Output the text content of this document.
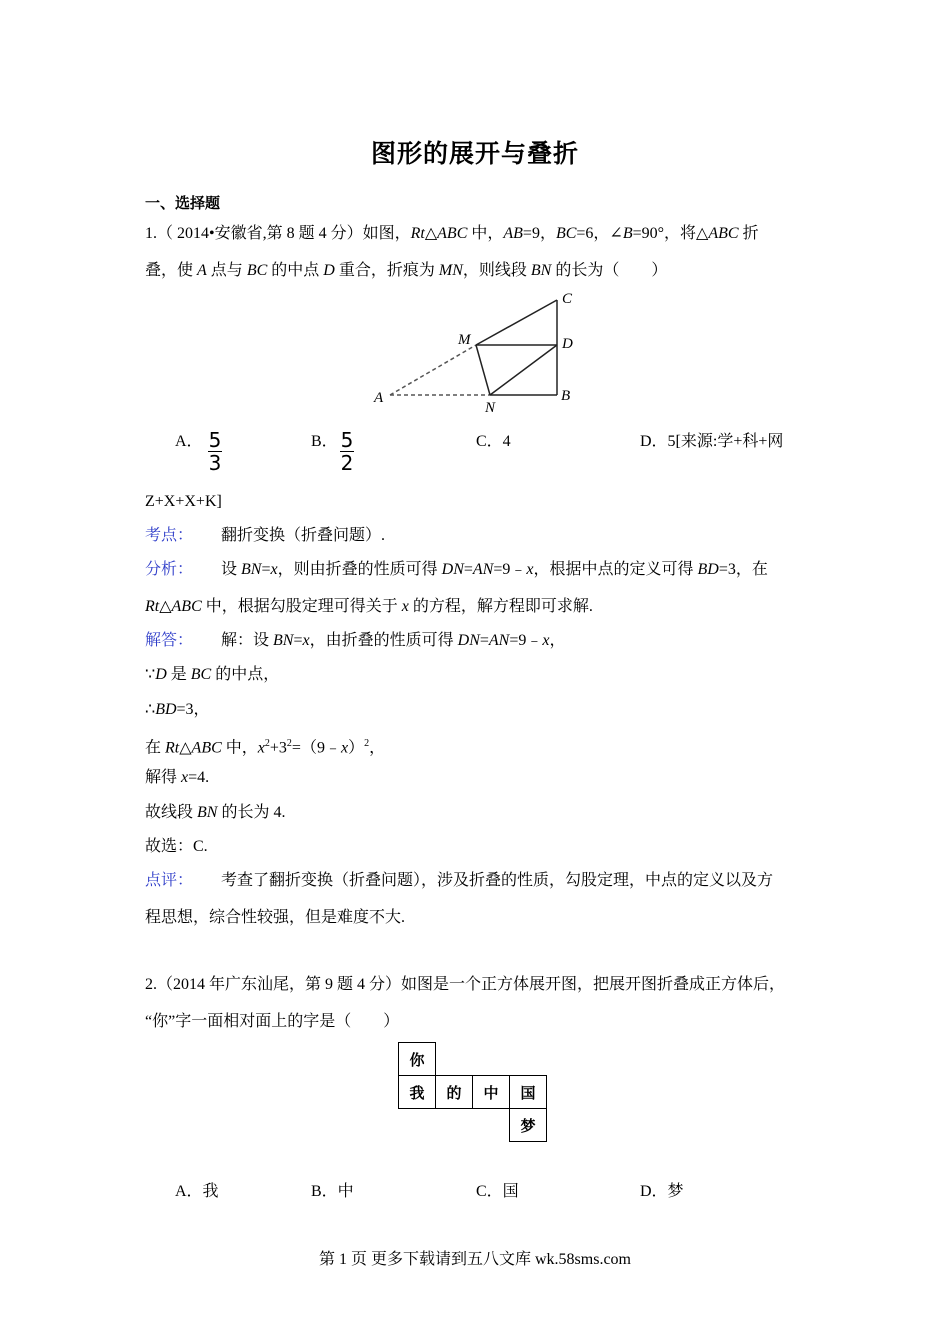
图形的展开与叠折
一、选择题
1.（ 2014•安徽省,第 8 题 4 分）如图，Rt△ABC 中，AB=9，BC=6，∠B=90°，将△ABC 折
叠，使 A 点与 BC 的中点 D 重合，折痕为 MN，则线段 BN 的长为（　　）
A	B
C
D
M
N
A． 5
3
B． 5
2
C．4	D．5[来源:学+科+网
Z+X+X+K]
考点： 翻折变换（折叠问题）.
分析： 设 BN=x，则由折叠的性质可得 DN=AN=9﹣x，根据中点的定义可得 BD=3，在
Rt△ABC 中，根据勾股定理可得关于 x 的方程，解方程即可求解.
解答： 解：设 BN=x，由折叠的性质可得 DN=AN=9﹣x，
∵D 是 BC 的中点，
∴BD=3，
在 Rt△ABC 中，$x^2+3^2=(9﹣x)^2$，
解得 x=4.
故线段 BN 的长为 4.
故选：C.
点评： 考查了翻折变换（折叠问题），涉及折叠的性质，勾股定理，中点的定义以及方
程思想，综合性较强，但是难度不大.
2.（2014 年广东汕尾，第 9 题 4 分）如图是一个正方体展开图，把展开图折叠成正方体后，
“你”字一面相对面上的字是（　　）
你			
我	的	中	国
			梦
A．我	B．中	C．国	D．梦
第 1 页 更多下载请到五八文库 wk.58sms.com
